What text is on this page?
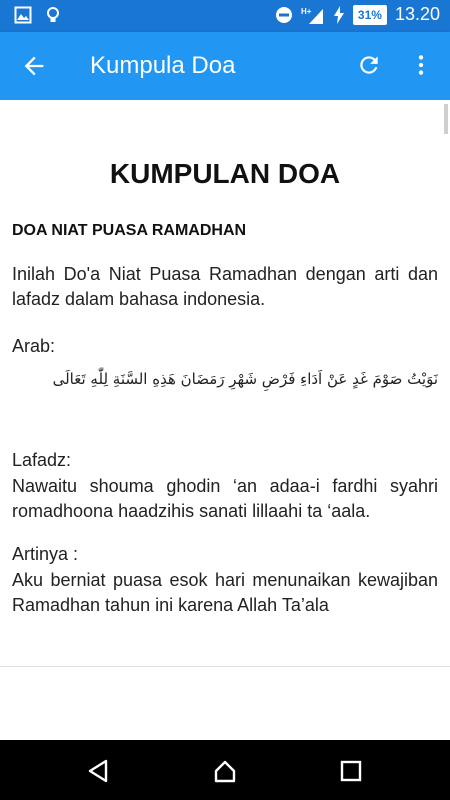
H+	31% 13.20
Kumpula Doa
KUMPULAN DOA
DOA NIAT PUASA RAMADHAN
Inilah Do'a Niat Puasa Ramadhan dengan arti dan lafadz dalam bahasa indonesia.
Arab:
نَوَيْتُ صَوْمَ غَدٍ عَنْ اَدَاءِ فَرْضِ شَهْرِ رَمَضَانَ هَذِهِ السَّنَةِ لِلّٰهِ تَعَالَى
Lafadz:
Nawaitu shouma ghodin ‘an adaa-i fardhi syahri romadhoona haadzihis sanati lillaahi ta ‘aala.
Artinya :
Aku berniat puasa esok hari menunaikan kewajiban Ramadhan tahun ini karena Allah Ta’ala
